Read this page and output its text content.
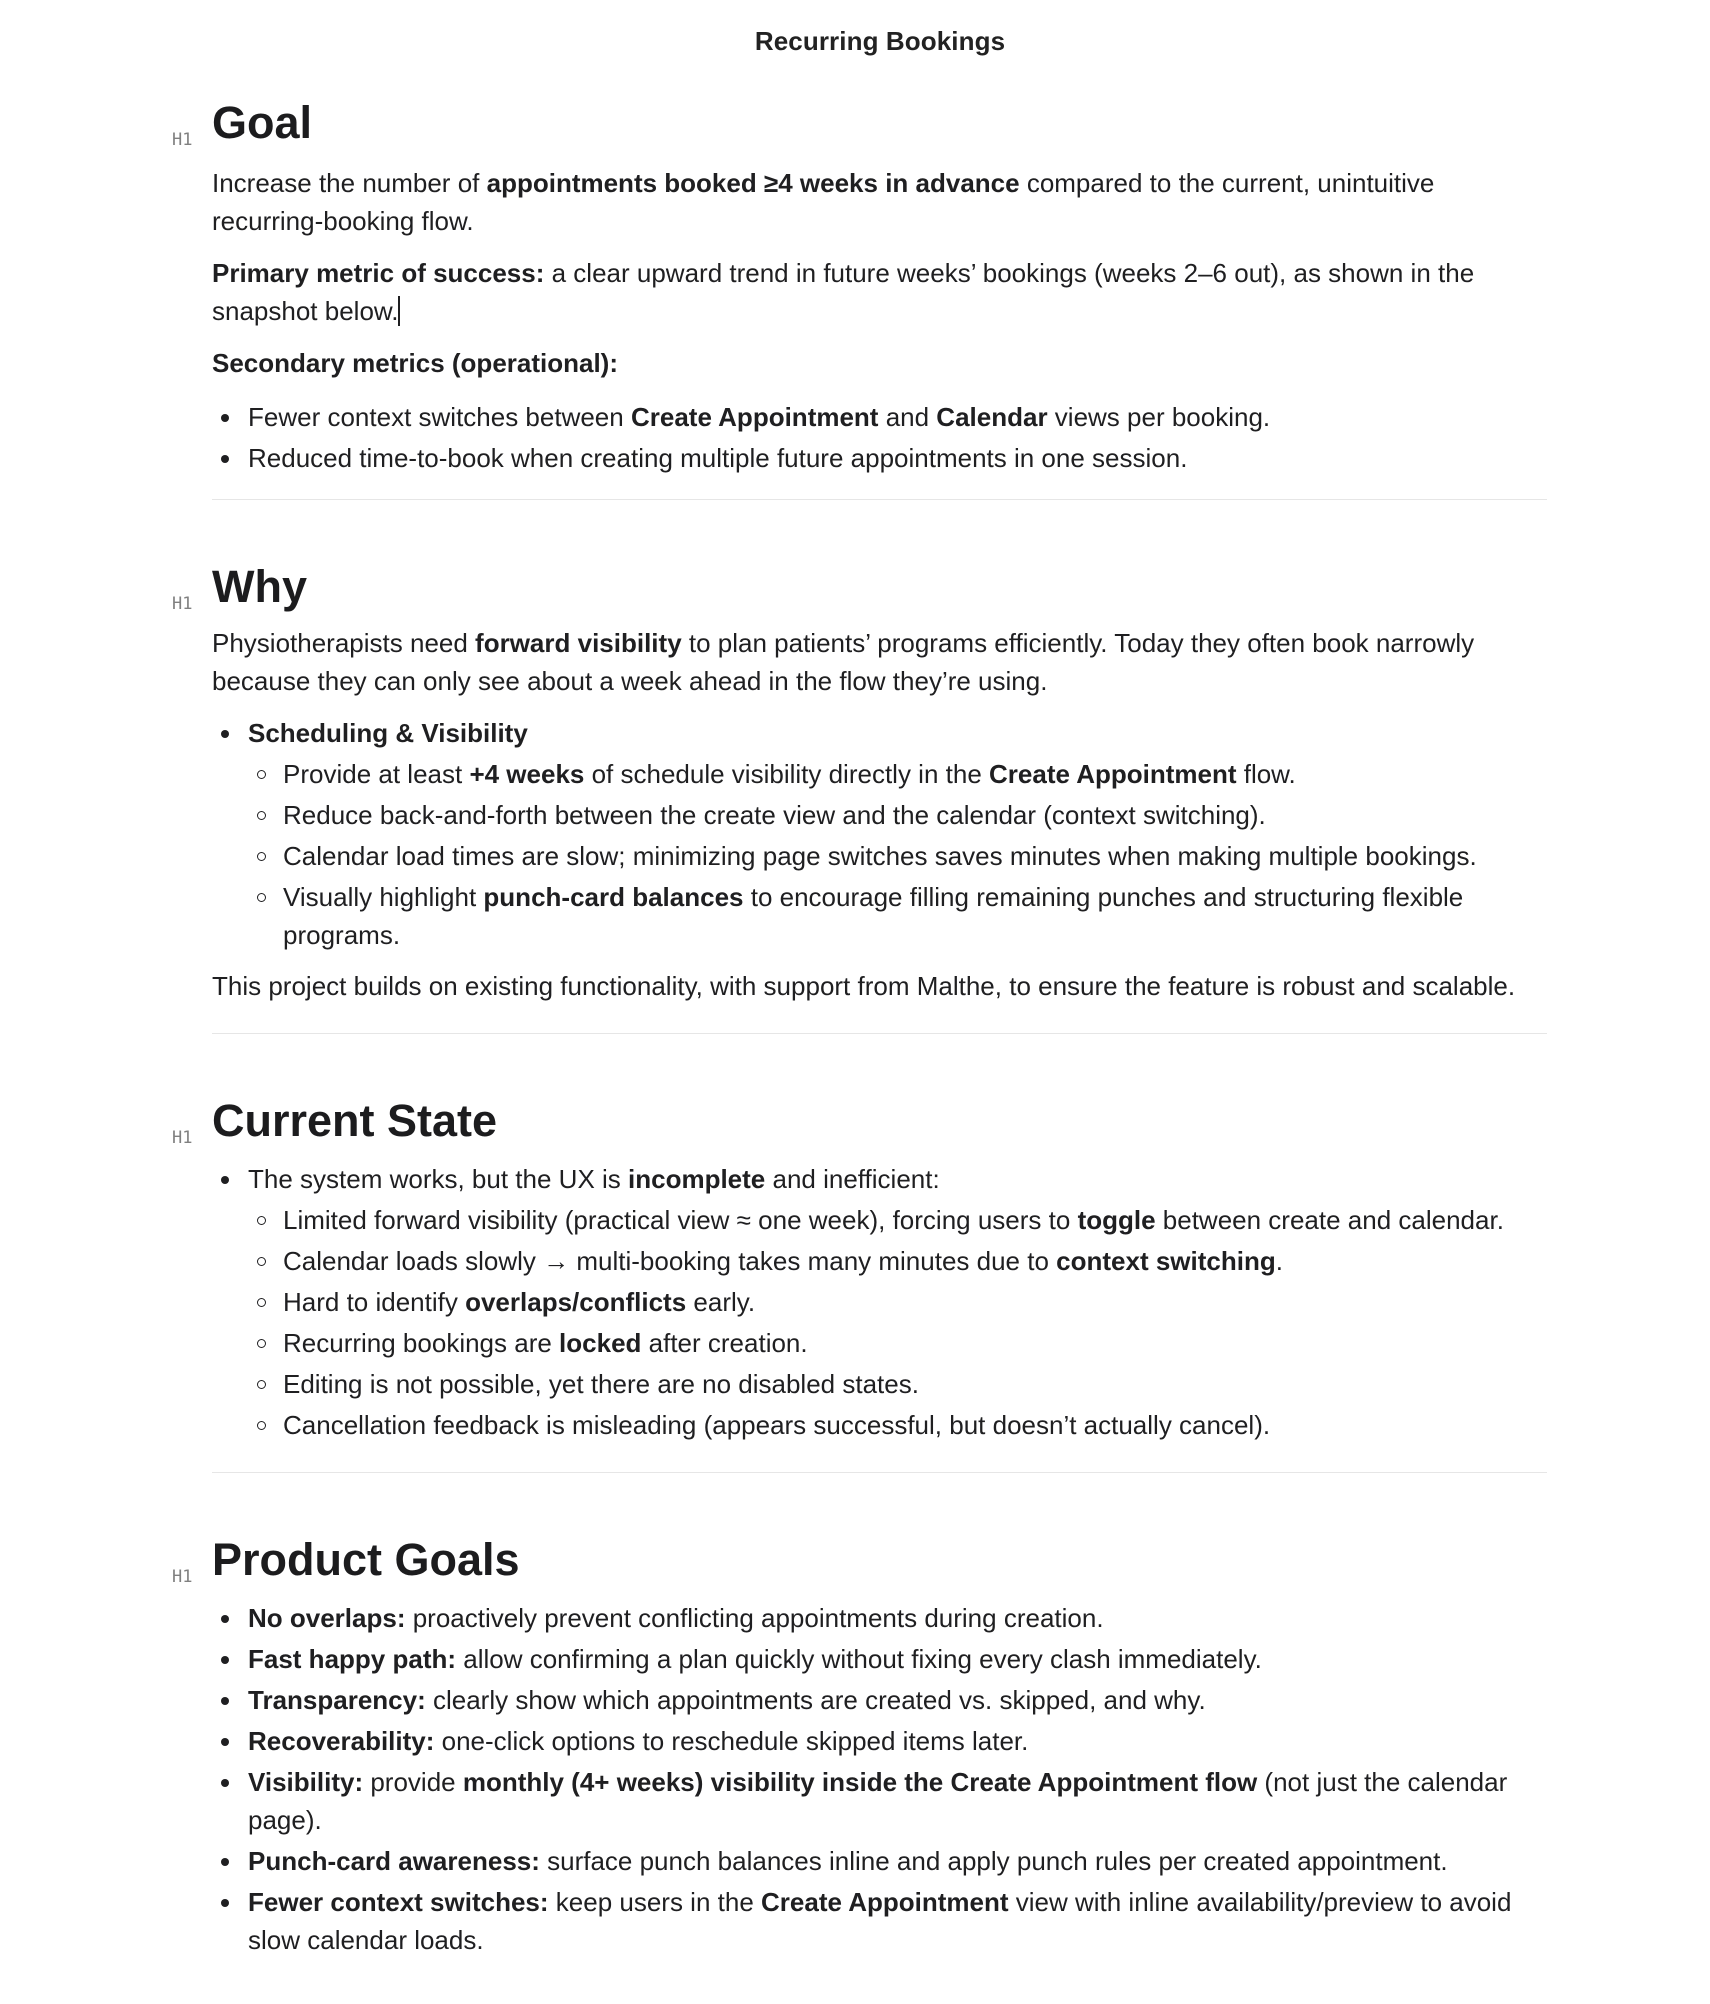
Recurring Bookings
H1 Goal

Increase the number of appointments booked ≥4 weeks in advance compared to the current, unintuitive recurring-booking flow.

Primary metric of success: a clear upward trend in future weeks’ bookings (weeks 2–6 out), as shown in the snapshot below.

Secondary metrics (operational):

Fewer context switches between Create Appointment and Calendar views per booking.
Reduced time-to-book when creating multiple future appointments in one session.
H1 Why

Physiotherapists need forward visibility to plan patients’ programs efficiently. Today they often book narrowly because they can only see about a week ahead in the flow they’re using.

Scheduling & Visibility
Provide at least +4 weeks of schedule visibility directly in the Create Appointment flow.
Reduce back-and-forth between the create view and the calendar (context switching).
Calendar load times are slow; minimizing page switches saves minutes when making multiple bookings.
Visually highlight punch-card balances to encourage filling remaining punches and structuring flexible programs.

This project builds on existing functionality, with support from Malthe, to ensure the feature is robust and scalable.

H1 Current State
The system works, but the UX is incomplete and inefficient:
Limited forward visibility (practical view ≈ one week), forcing users to toggle between create and calendar.
Calendar loads slowly → multi-booking takes many minutes due to context switching.
Hard to identify overlaps/conflicts early.
Recurring bookings are locked after creation.
Editing is not possible, yet there are no disabled states.
Cancellation feedback is misleading (appears successful, but doesn’t actually cancel).
H1 Product Goals
No overlaps: proactively prevent conflicting appointments during creation.
Fast happy path: allow confirming a plan quickly without fixing every clash immediately.
Transparency: clearly show which appointments are created vs. skipped, and why.
Recoverability: one-click options to reschedule skipped items later.
Visibility: provide monthly (4+ weeks) visibility inside the Create Appointment flow (not just the calendar page).
Punch-card awareness: surface punch balances inline and apply punch rules per created appointment.
Fewer context switches: keep users in the Create Appointment view with inline availability/preview to avoid slow calendar loads.
